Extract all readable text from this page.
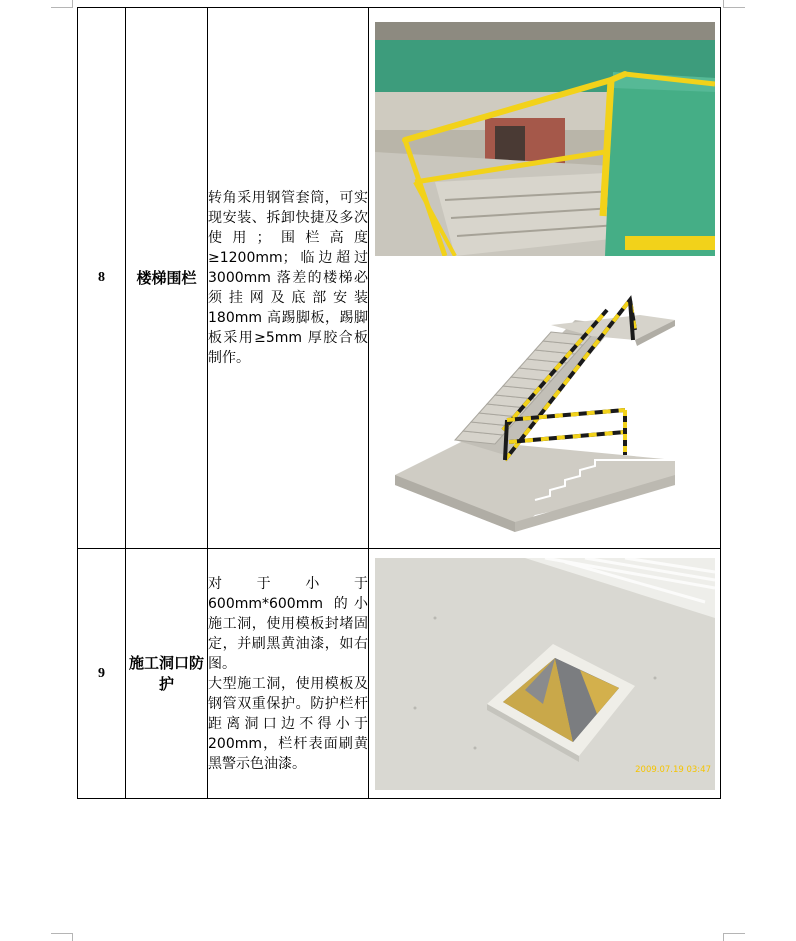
8	楼梯围栏	转角采用钢管套筒，可实现安装、拆卸快捷及多次使用；围栏高度≥1200mm；临边超过 3000mm 落差的楼梯必须挂网及底部安装 180mm 高踢脚板，踢脚板采用≥5mm 厚胶合板制作。

9	施工洞口防护	对于小于 600mm*600mm 的小施工洞，使用模板封堵固定，并刷黑黄油漆，如右图。

大型施工洞，使用模板及钢管双重保护。防护栏杆距离洞口边不得小于 200mm，栏杆表面刷黄黑警示色油漆。	2009.07.19 03:47
